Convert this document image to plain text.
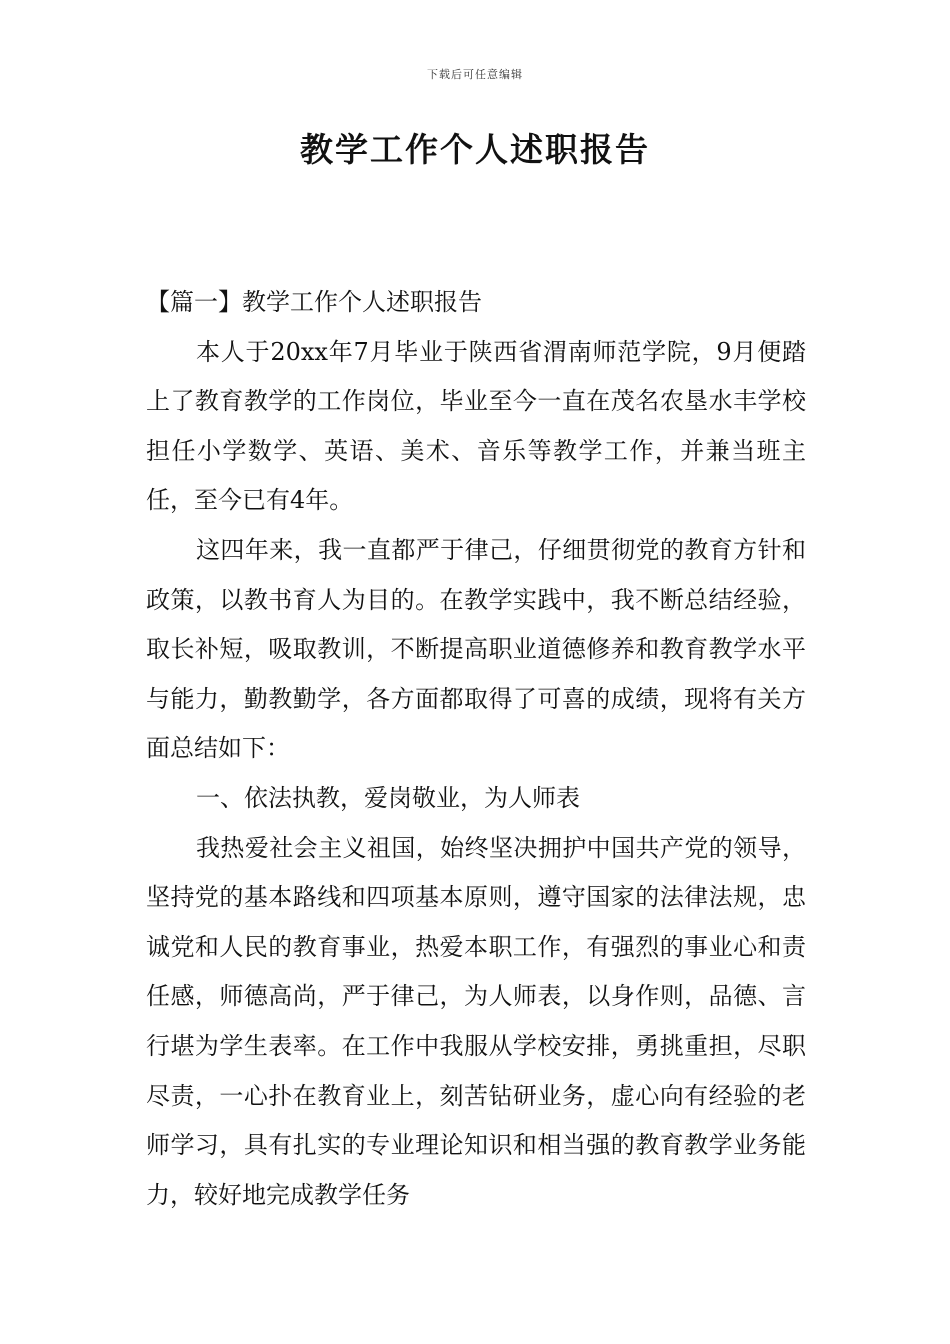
下载后可任意编辑
教学工作个人述职报告

【篇一】教学工作个人述职报告

本人于20xx年7月毕业于陕西省渭南师范学院，9月便踏上了教育教学的工作岗位，毕业至今一直在茂名农垦水丰学校担任小学数学、英语、美术、音乐等教学工作，并兼当班主任，至今已有4年。

这四年来，我一直都严于律己，仔细贯彻党的教育方针和政策，以教书育人为目的。在教学实践中，我不断总结经验，取长补短，吸取教训，不断提高职业道德修养和教育教学水平与能力，勤教勤学，各方面都取得了可喜的成绩，现将有关方面总结如下：

一、依法执教，爱岗敬业，为人师表

我热爱社会主义祖国，始终坚决拥护中国共产党的领导，坚持党的基本路线和四项基本原则，遵守国家的法律法规，忠诚党和人民的教育事业，热爱本职工作，有强烈的事业心和责任感，师德高尚，严于律己，为人师表，以身作则，品德、言行堪为学生表率。在工作中我服从学校安排，勇挑重担，尽职尽责，一心扑在教育业上，刻苦钻研业务，虚心向有经验的老师学习，具有扎实的专业理论知识和相当强的教育教学业务能力，较好地完成教学任务
